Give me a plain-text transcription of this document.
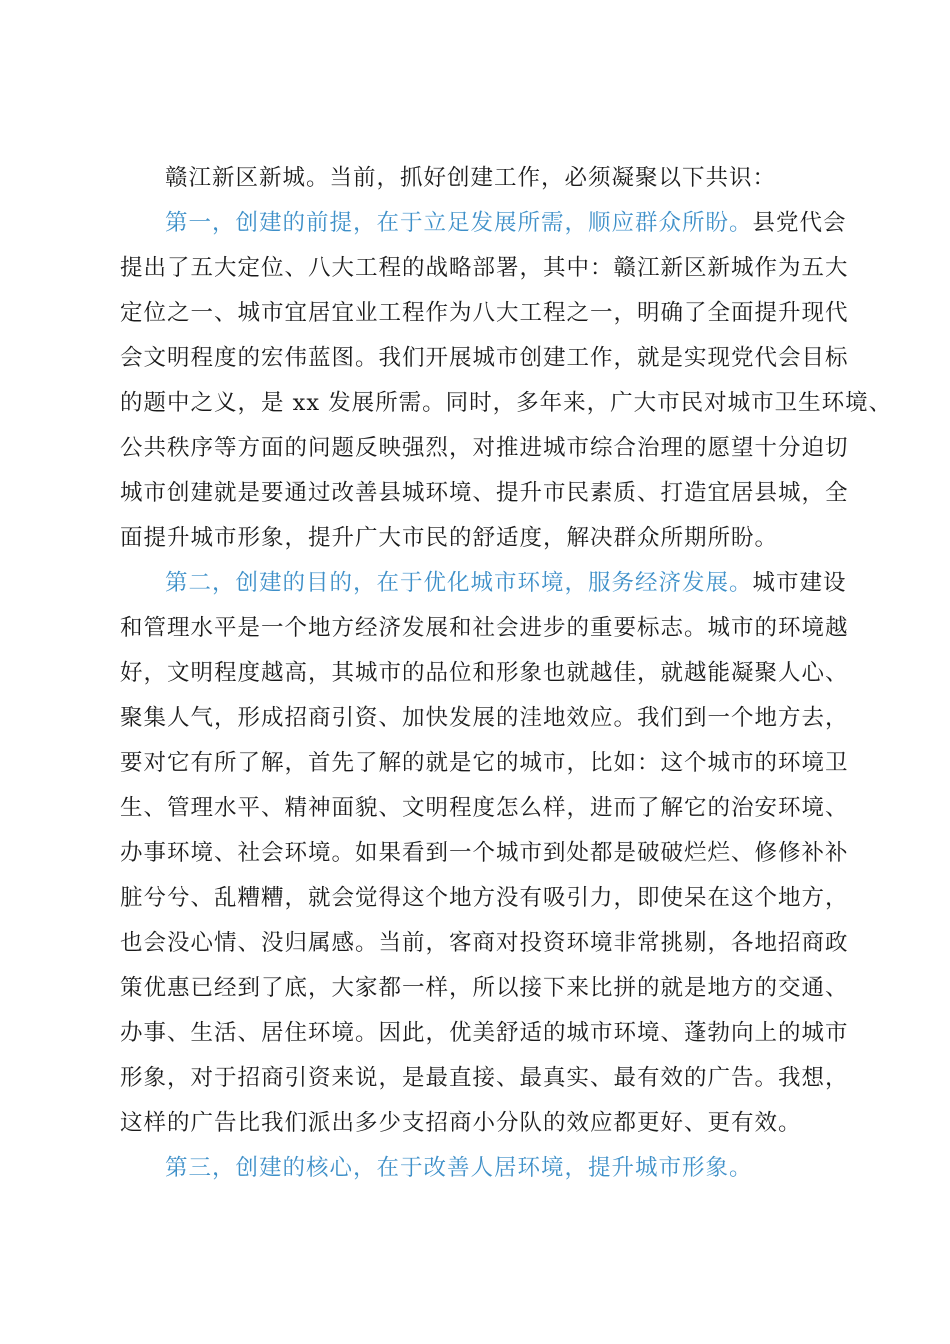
赣江新区新城。当前，抓好创建工作，必须凝聚以下共识：
第一，创建的前提，在于立足发展所需，顺应群众所盼。县党代会
提出了五大定位、八大工程的战略部署，其中：赣江新区新城作为五大
定位之一、城市宜居宜业工程作为八大工程之一，明确了全面提升现代
会文明程度的宏伟蓝图。我们开展城市创建工作，就是实现党代会目标
的题中之义，是 xx 发展所需。同时，多年来，广大市民对城市卫生环境、
公共秩序等方面的问题反映强烈，对推进城市综合治理的愿望十分迫切
城市创建就是要通过改善县城环境、提升市民素质、打造宜居县城，全
面提升城市形象，提升广大市民的舒适度，解决群众所期所盼。
第二，创建的目的，在于优化城市环境，服务经济发展。城市建设
和管理水平是一个地方经济发展和社会进步的重要标志。城市的环境越
好，文明程度越高，其城市的品位和形象也就越佳，就越能凝聚人心、
聚集人气，形成招商引资、加快发展的洼地效应。我们到一个地方去，
要对它有所了解，首先了解的就是它的城市，比如：这个城市的环境卫
生、管理水平、精神面貌、文明程度怎么样，进而了解它的治安环境、
办事环境、社会环境。如果看到一个城市到处都是破破烂烂、修修补补
脏兮兮、乱糟糟，就会觉得这个地方没有吸引力，即使呆在这个地方，
也会没心情、没归属感。当前，客商对投资环境非常挑剔，各地招商政
策优惠已经到了底，大家都一样，所以接下来比拼的就是地方的交通、
办事、生活、居住环境。因此，优美舒适的城市环境、蓬勃向上的城市
形象，对于招商引资来说，是最直接、最真实、最有效的广告。我想，
这样的广告比我们派出多少支招商小分队的效应都更好、更有效。
第三，创建的核心，在于改善人居环境，提升城市形象。
